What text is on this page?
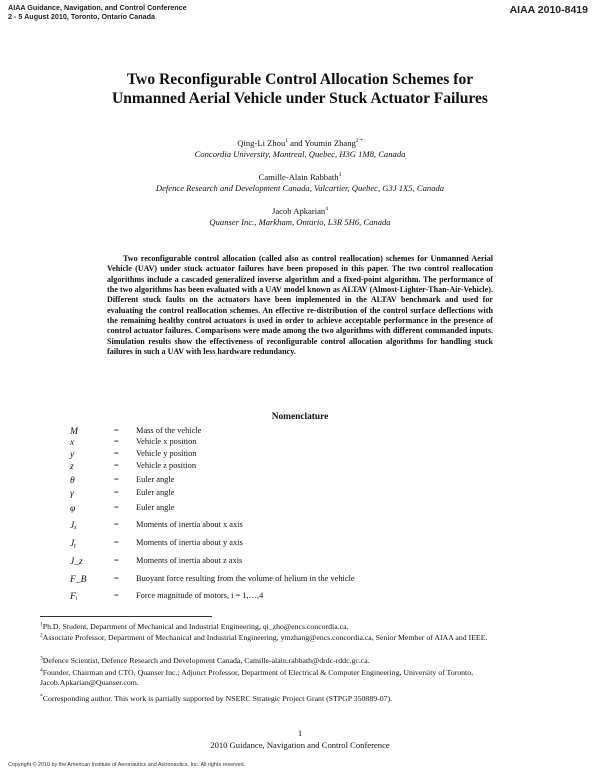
AIAA Guidance, Navigation, and Control Conference
2 - 5 August 2010, Toronto, Ontario Canada
AIAA 2010-8419
Two Reconfigurable Control Allocation Schemes for
Unmanned Aerial Vehicle under Stuck Actuator Failures
Qing-Li Zhou$^1$ and Youmin Zhang$^{2 *}$
Concordia University, Montreal, Quebec, H3G 1M8, Canada
Camille-Alain Rabbath$^3$
Defence Research and Development Canada, Valcartier, Quebec, G3J 1X5, Canada
Jacob Apkarian$^4$
Quanser Inc., Markham, Ontario, L3R 5H6, Canada

Two reconfigurable control allocation (called also as control reallocation) schemes for Unmanned Aerial Vehicle (UAV) under stuck actuator failures have been proposed in this paper. The two control reallocation algorithms include a cascaded generalized inverse algorithm and a fixed-point algorithm. The performance of the two algorithms has been evaluated with a UAV model known as ALTAV (Almost-Lighter-Than-Air-Vehicle). Different stuck faults on the actuators have been implemented in the ALTAV benchmark and used for evaluating the control reallocation schemes. An effective re-distribution of the control surface deflections with the remaining healthy control actuators is used in order to achieve acceptable performance in the presence of control actuator failures. Comparisons were made among the two algorithms with different commanded inputs. Simulation results show the effectiveness of reconfigurable control allocation algorithms for handling stuck failures in such a UAV with less hardware redundancy.

Nomenclature
M	= Mass of the vehicle
x	= Vehicle x position
y	= Vehicle y position
z	= Vehicle z position
θ	= Euler angle
γ	= Euler angle
φ	= Euler angle
Jₓ	= Moments of inertia about x axis
Jᵧ	= Moments of inertia about y axis
J_z	= Moments of inertia about z axis
F_B	= Buoyant force resulting from the volume of helium in the vehicle
Fᵢ	= Force magnitude of motors, i = 1,…,4
$^1$Ph.D. Student, Department of Mechanical and Industrial Engineering, qi_zho@encs.concordia.ca.
$^2$Associate Professor, Department of Mechanical and Industrial Engineering, ymzhang@encs.concordia.ca, Senior Member of AIAA and IEEE.
$^3$Defence Scientist, Defence Research and Development Canada, Camille-alain.rabbath@drdc-rddc.gc.ca.
$^4$Founder, Chairman and CTO, Quanser Inc.; Adjunct Professor, Department of Electrical & Computer Engineering, University of Toronto, Jacob.Apkarian@Quanser.com.
*Corresponding author. This work is partially supported by NSERC Strategic Project Grant (STPGP 350889-07).
1
2010 Guidance, Navigation and Control Conference
Copyright © 2010 by the American Institute of Aeronautics and Astronautics, Inc. All rights reserved.
